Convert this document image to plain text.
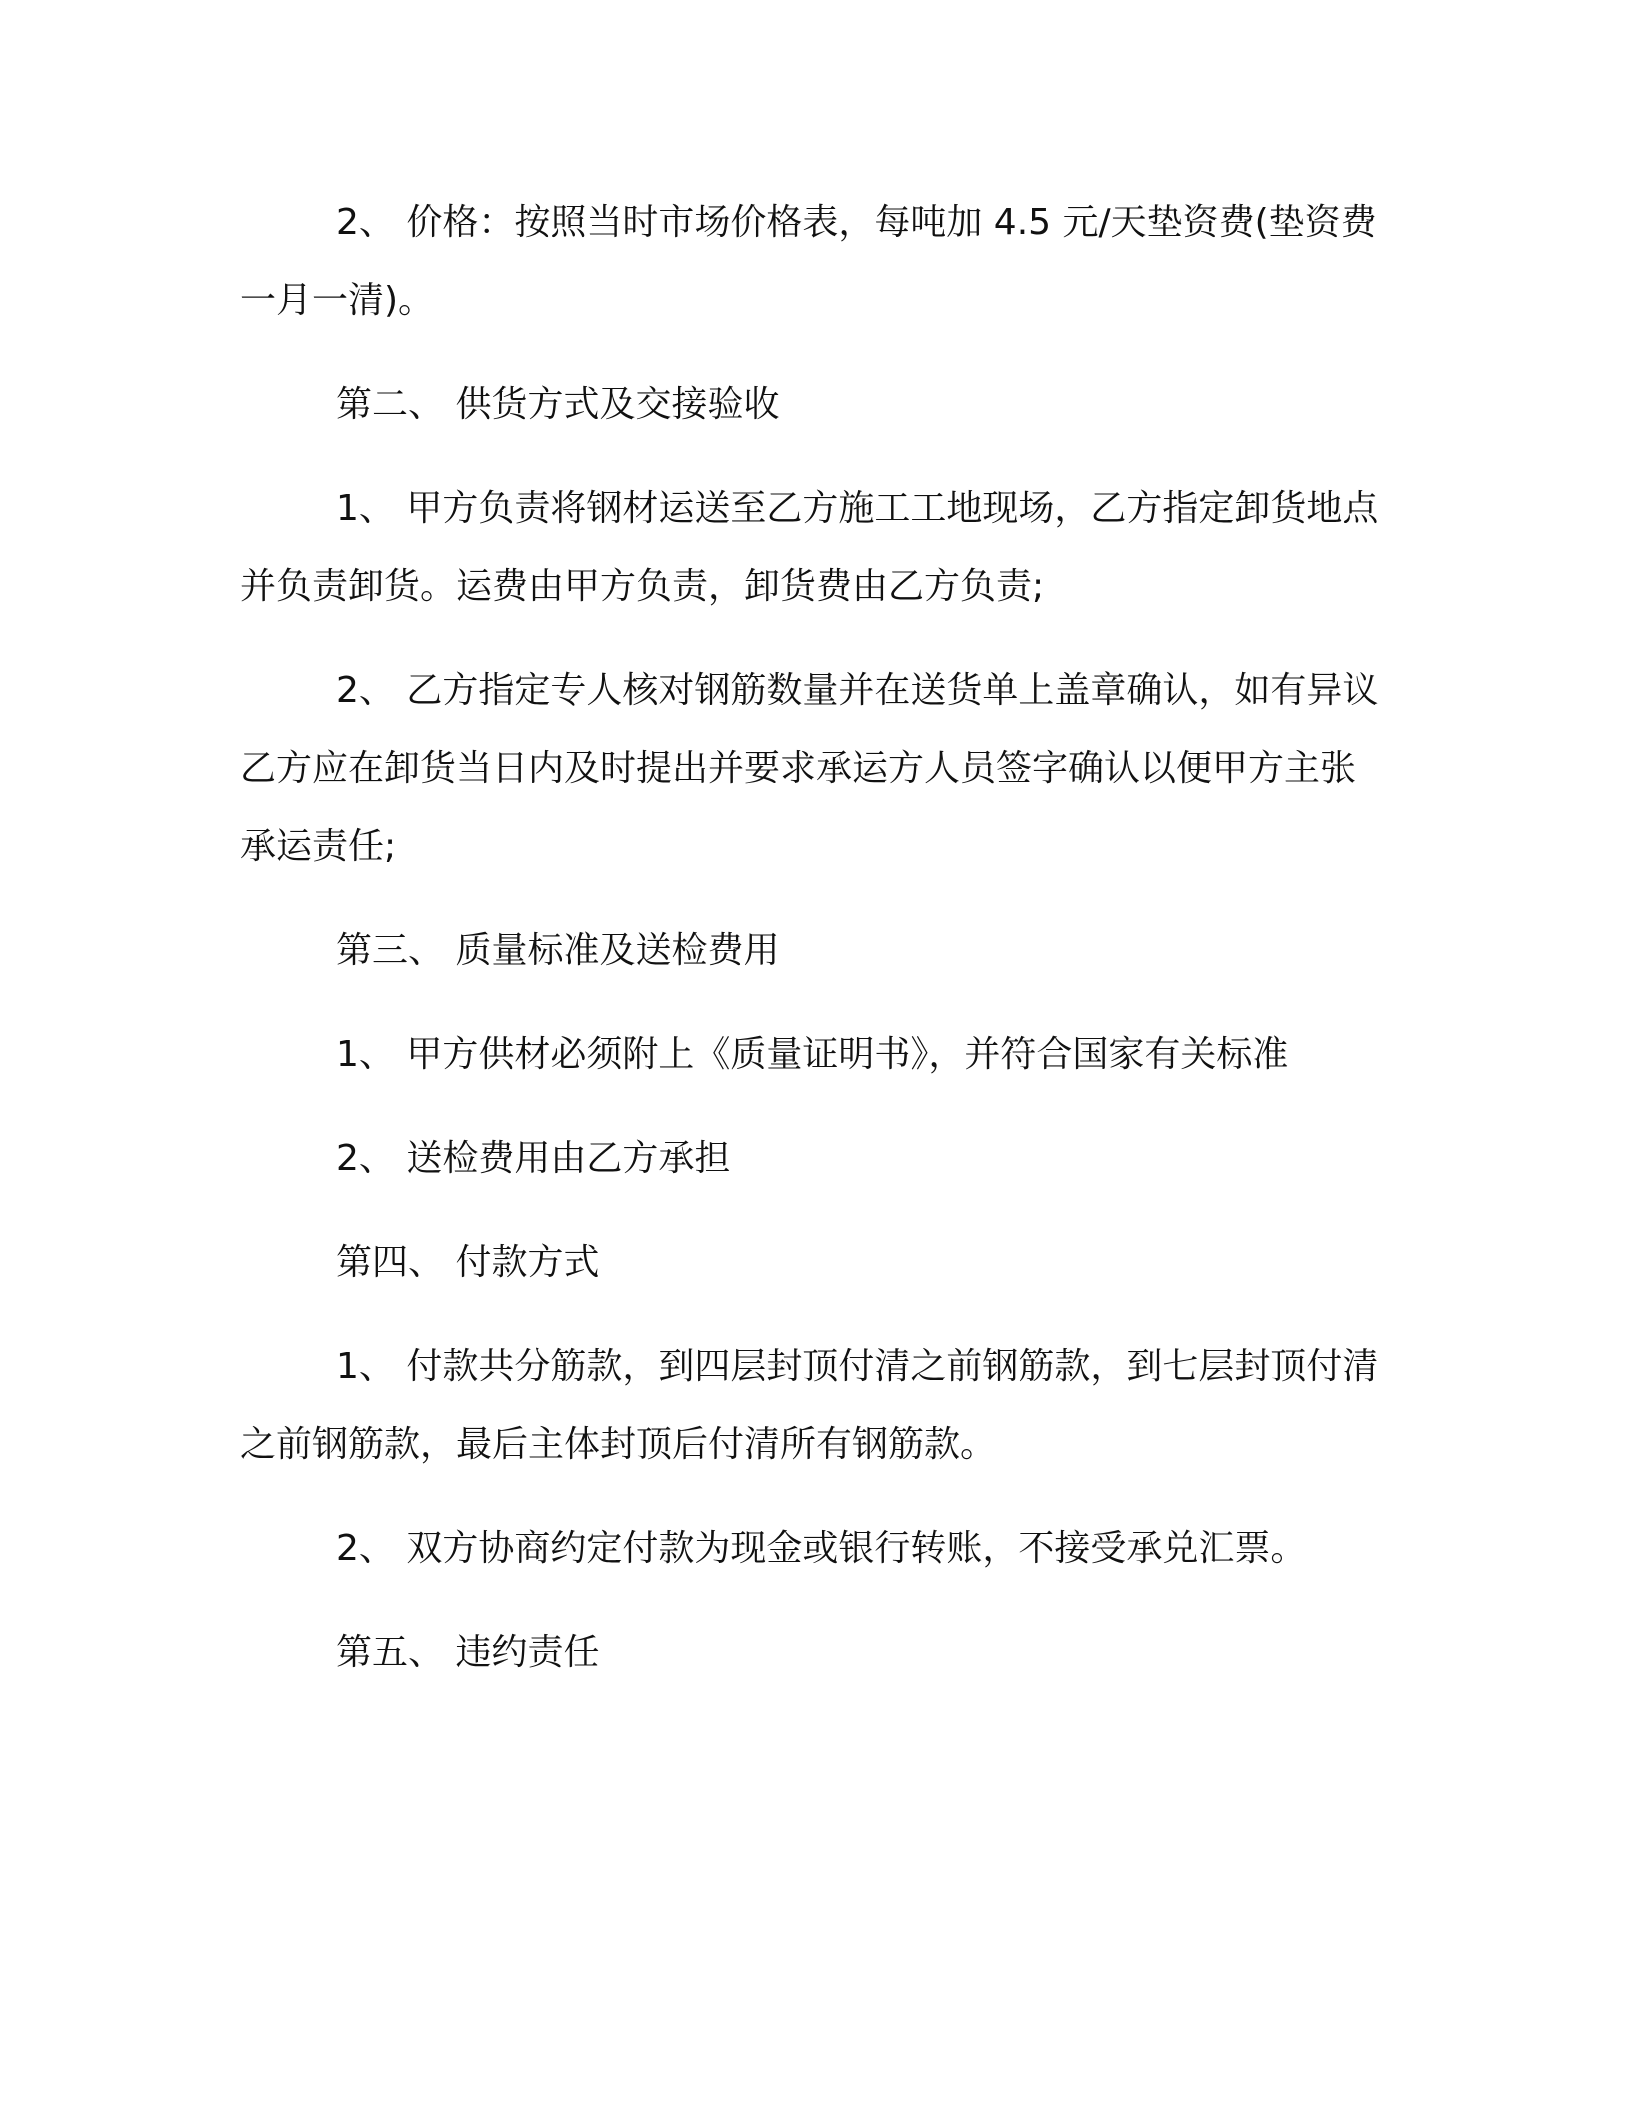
2、 价格：按照当时市场价格表，每吨加 4.5 元/天垫资费(垫资费一月一清)。

第二、 供货方式及交接验收

1、 甲方负责将钢材运送至乙方施工工地现场，乙方指定卸货地点并负责卸货。运费由甲方负责，卸货费由乙方负责;

2、 乙方指定专人核对钢筋数量并在送货单上盖章确认，如有异议乙方应在卸货当日内及时提出并要求承运方人员签字确认以便甲方主张承运责任;

第三、 质量标准及送检费用

1、 甲方供材必须附上《质量证明书》，并符合国家有关标准

2、 送检费用由乙方承担

第四、 付款方式

1、 付款共分筋款，到四层封顶付清之前钢筋款，到七层封顶付清之前钢筋款，最后主体封顶后付清所有钢筋款。

2、 双方协商约定付款为现金或银行转账，不接受承兑汇票。

第五、 违约责任
